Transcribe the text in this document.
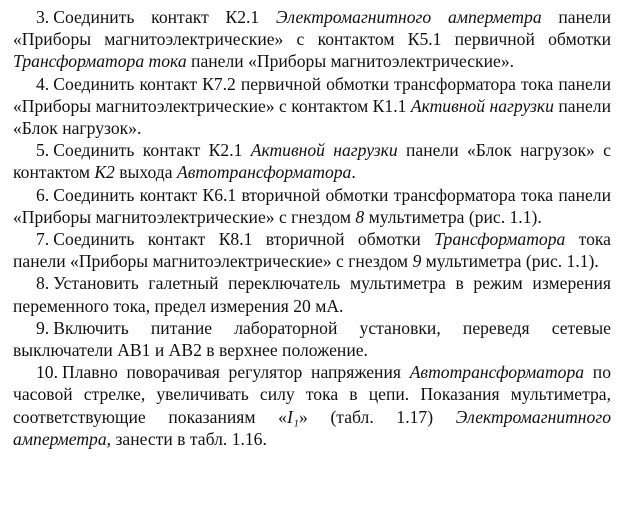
3. Соединить контакт К2.1 Электромагнитного амперметра панели «Приборы магнитоэлектрические» с контактом К5.1 первичной обмотки Трансформатора тока панели «Приборы магнитоэлектрические».

4. Соединить контакт К7.2 первичной обмотки трансформатора тока панели «Приборы магнитоэлектрические» с контактом К1.1 Активной нагрузки панели «Блок нагрузок».

5. Соединить контакт К2.1 Активной нагрузки панели «Блок нагрузок» с контактом К2 выхода Автотрансформатора.

6. Соединить контакт К6.1 вторичной обмотки трансформатора тока панели «Приборы магнитоэлектрические» с гнездом 8 мультиметра (рис. 1.1).

7. Соединить контакт К8.1 вторичной обмотки Трансформатора тока панели «Приборы магнитоэлектрические» с гнездом 9 мультиметра (рис. 1.1).

8. Установить галетный переключатель мультиметра в режим измерения переменного тока, предел измерения 20 мА.

9. Включить питание лабораторной установки, переведя сетевые выключатели АВ1 и АВ2 в верхнее положение.

10. Плавно поворачивая регулятор напряжения Автотрансформатора по часовой стрелке, увеличивать силу тока в цепи. Показания мультиметра, соответствующие показаниям «I₁» (табл. 1.17) Электромагнитного амперметра, занести в табл. 1.16.
